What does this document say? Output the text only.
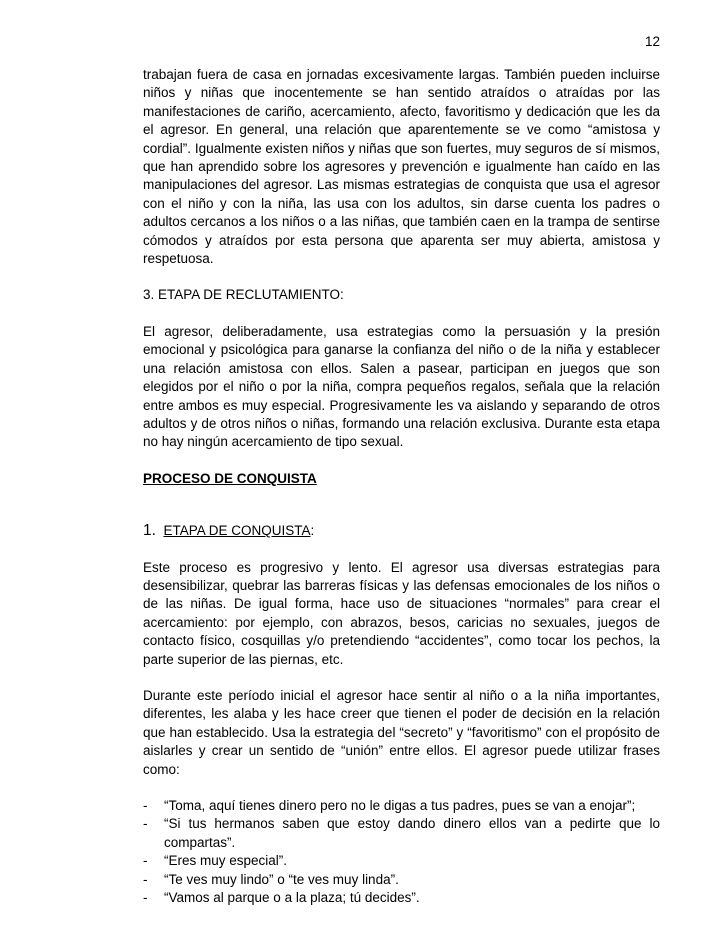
12

trabajan fuera de casa en jornadas excesivamente largas. También pueden incluirse niños y niñas que inocentemente se han sentido atraídos o atraídas por las manifestaciones de cariño, acercamiento, afecto, favoritismo y dedicación que les da el agresor. En general, una relación que aparentemente se ve como “amistosa y cordial”. Igualmente existen niños y niñas que son fuertes, muy seguros de sí mismos, que han aprendido sobre los agresores y prevención e igualmente han caído en las manipulaciones del agresor. Las mismas estrategias de conquista que usa el agresor con el niño y con la niña, las usa con los adultos, sin darse cuenta los padres o adultos cercanos a los niños o a las niñas, que también caen en la trampa de sentirse cómodos y atraídos por esta persona que aparenta ser muy abierta, amistosa y respetuosa.

3. ETAPA DE RECLUTAMIENTO:

El agresor, deliberadamente, usa estrategias como la persuasión y la presión emocional y psicológica para ganarse la confianza del niño o de la niña y establecer una relación amistosa con ellos. Salen a pasear, participan en juegos que son elegidos por el niño o por la niña, compra pequeños regalos, señala que la relación entre ambos es muy especial. Progresivamente les va aislando y separando de otros adultos y de otros niños o niñas, formando una relación exclusiva. Durante esta etapa no hay ningún acercamiento de tipo sexual.

PROCESO DE CONQUISTA

1. ETAPA DE CONQUISTA:

Este proceso es progresivo y lento. El agresor usa diversas estrategias para desensibilizar, quebrar las barreras físicas y las defensas emocionales de los niños o de las niñas. De igual forma, hace uso de situaciones “normales” para crear el acercamiento: por ejemplo, con abrazos, besos, caricias no sexuales, juegos de contacto físico, cosquillas y/o pretendiendo “accidentes”, como tocar los pechos, la parte superior de las piernas, etc.

Durante este período inicial el agresor hace sentir al niño o a la niña importantes, diferentes, les alaba y les hace creer que tienen el poder de decisión en la relación que han establecido. Usa la estrategia del “secreto” y “favoritismo” con el propósito de aislarles y crear un sentido de “unión” entre ellos. El agresor puede utilizar frases como:

- “Toma, aquí tienes dinero pero no le digas a tus padres, pues se van a enojar”;
- “Si tus hermanos saben que estoy dando dinero ellos van a pedirte que lo compartas”.
- “Eres muy especial”.
- “Te ves muy lindo” o “te ves muy linda”.
- “Vamos al parque o a la plaza; tú decides”.
